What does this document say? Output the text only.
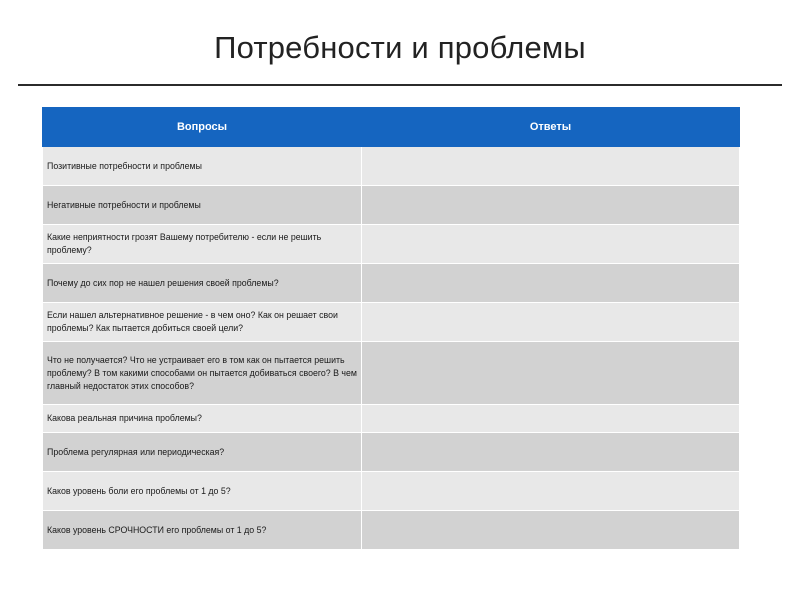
Потребности и проблемы
Вопросы	Ответы
Позитивные потребности и проблемы	
Негативные потребности и проблемы	
Какие неприятности грозят Вашему потребителю - если не решить проблему?	
Почему до сих пор не нашел решения своей проблемы?	
Если нашел альтернативное решение - в чем оно? Как он решает свои проблемы? Как пытается добиться своей цели?	
Что не получается? Что не устраивает его в том как он пытается решить проблему? В том какими способами он пытается добиваться своего? В чем главный недостаток этих способов?	
Какова реальная причина проблемы?	
Проблема регулярная или периодическая?	
Каков уровень боли его проблемы от 1 до 5?	
Каков уровень СРОЧНОСТИ его проблемы от 1 до 5?	
